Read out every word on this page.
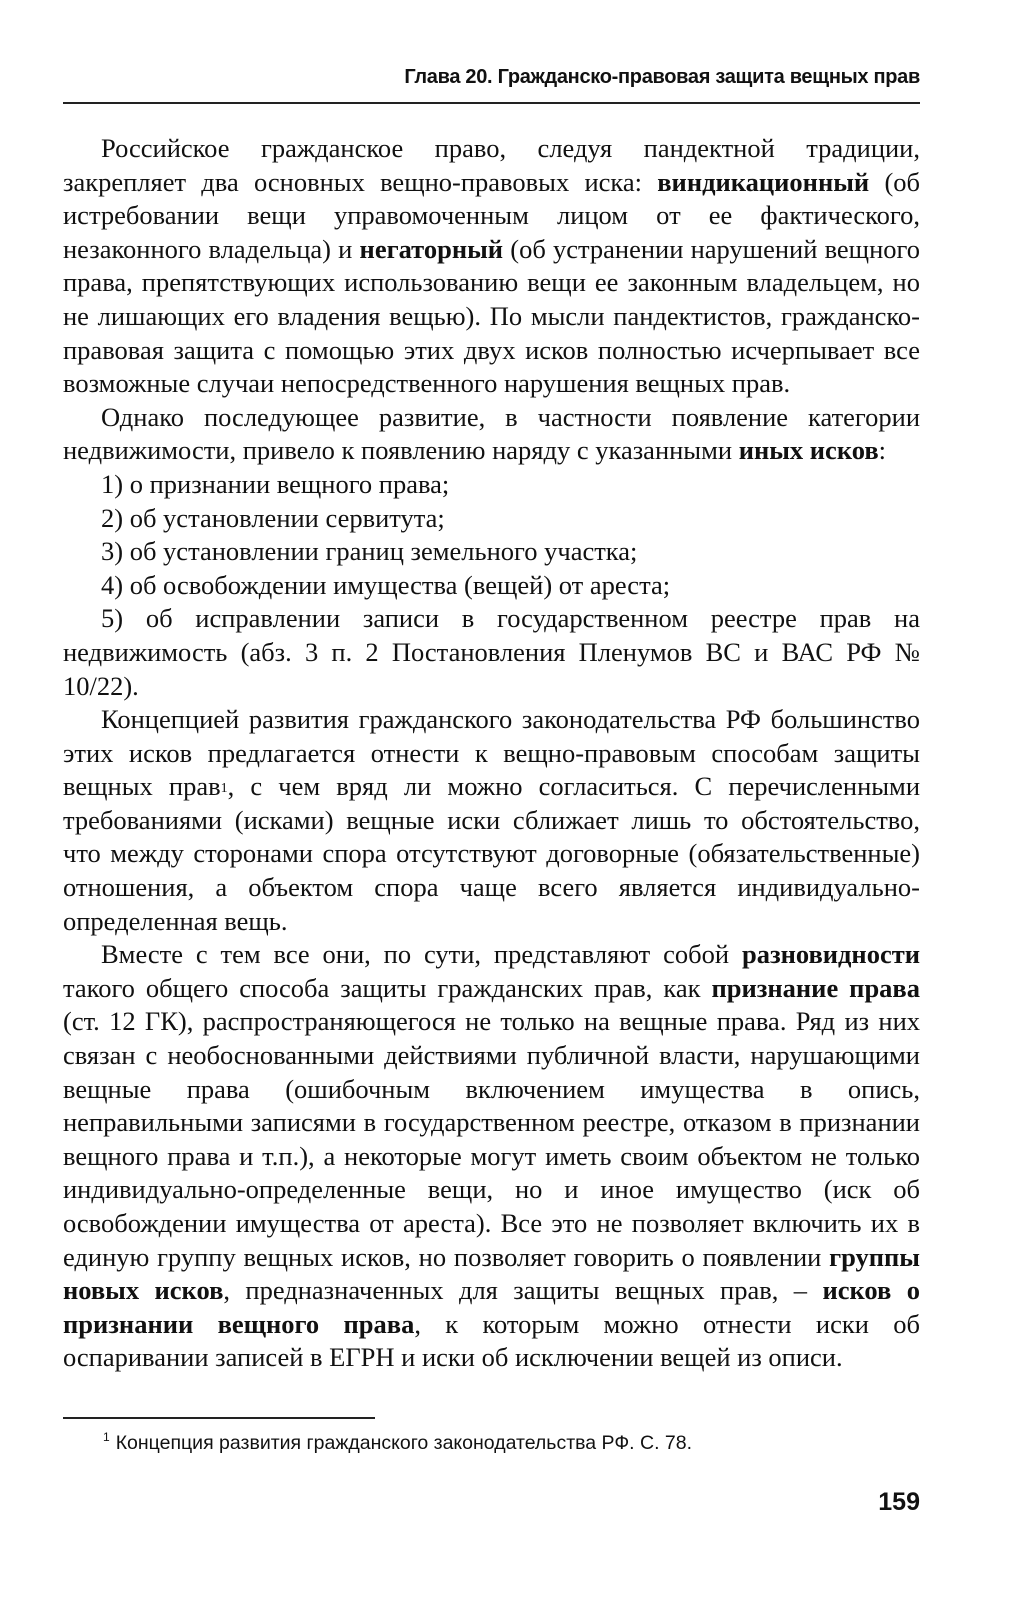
Глава 20. Гражданско-правовая защита вещных прав

Российское гражданское право, следуя пандектной традиции, закрепляет два основных вещно-правовых иска: виндикационный (об истребовании вещи управомоченным лицом от ее фактического, незаконного владельца) и негаторный (об устранении нарушений вещного права, препятствующих использованию вещи ее законным владельцем, но не лишающих его владения вещью). По мысли пандектистов, гражданско-правовая защита с помощью этих двух исков полностью исчерпывает все возможные случаи непосредственного нарушения вещных прав.

Однако последующее развитие, в частности появление категории недвижимости, привело к появлению наряду с указанными иных исков:

1) о признании вещного права;

2) об установлении сервитута;

3) об установлении границ земельного участка;

4) об освобождении имущества (вещей) от ареста;

5) об исправлении записи в государственном реестре прав на недвижимость (абз. 3 п. 2 Постановления Пленумов ВС и ВАС РФ № 10/22).

Концепцией развития гражданского законодательства РФ большинство этих исков предлагается отнести к вещно-правовым способам защиты вещных прав$^1$, с чем вряд ли можно согласиться. С перечисленными требованиями (исками) вещные иски сближает лишь то обстоятельство, что между сторонами спора отсутствуют договорные (обязательственные) отношения, а объектом спора чаще всего является индивидуально-определенная вещь.

Вместе с тем все они, по сути, представляют собой разновидности такого общего способа защиты гражданских прав, как признание права (ст. 12 ГК), распространяющегося не только на вещные права. Ряд из них связан с необоснованными действиями публичной власти, нарушающими вещные права (ошибочным включением имущества в опись, неправильными записями в государственном реестре, отказом в признании вещного права и т.п.), а некоторые могут иметь своим объектом не только индивидуально-определенные вещи, но и иное имущество (иск об освобождении имущества от ареста). Все это не позволяет включить их в единую группу вещных исков, но позволяет говорить о появлении группы новых исков, предназначенных для защиты вещных прав, – исков о признании вещного права, к которым можно отнести иски об оспаривании записей в ЕГРН и иски об исключении вещей из описи.

$^1$ Концепция развития гражданского законодательства РФ. С. 78.
159
